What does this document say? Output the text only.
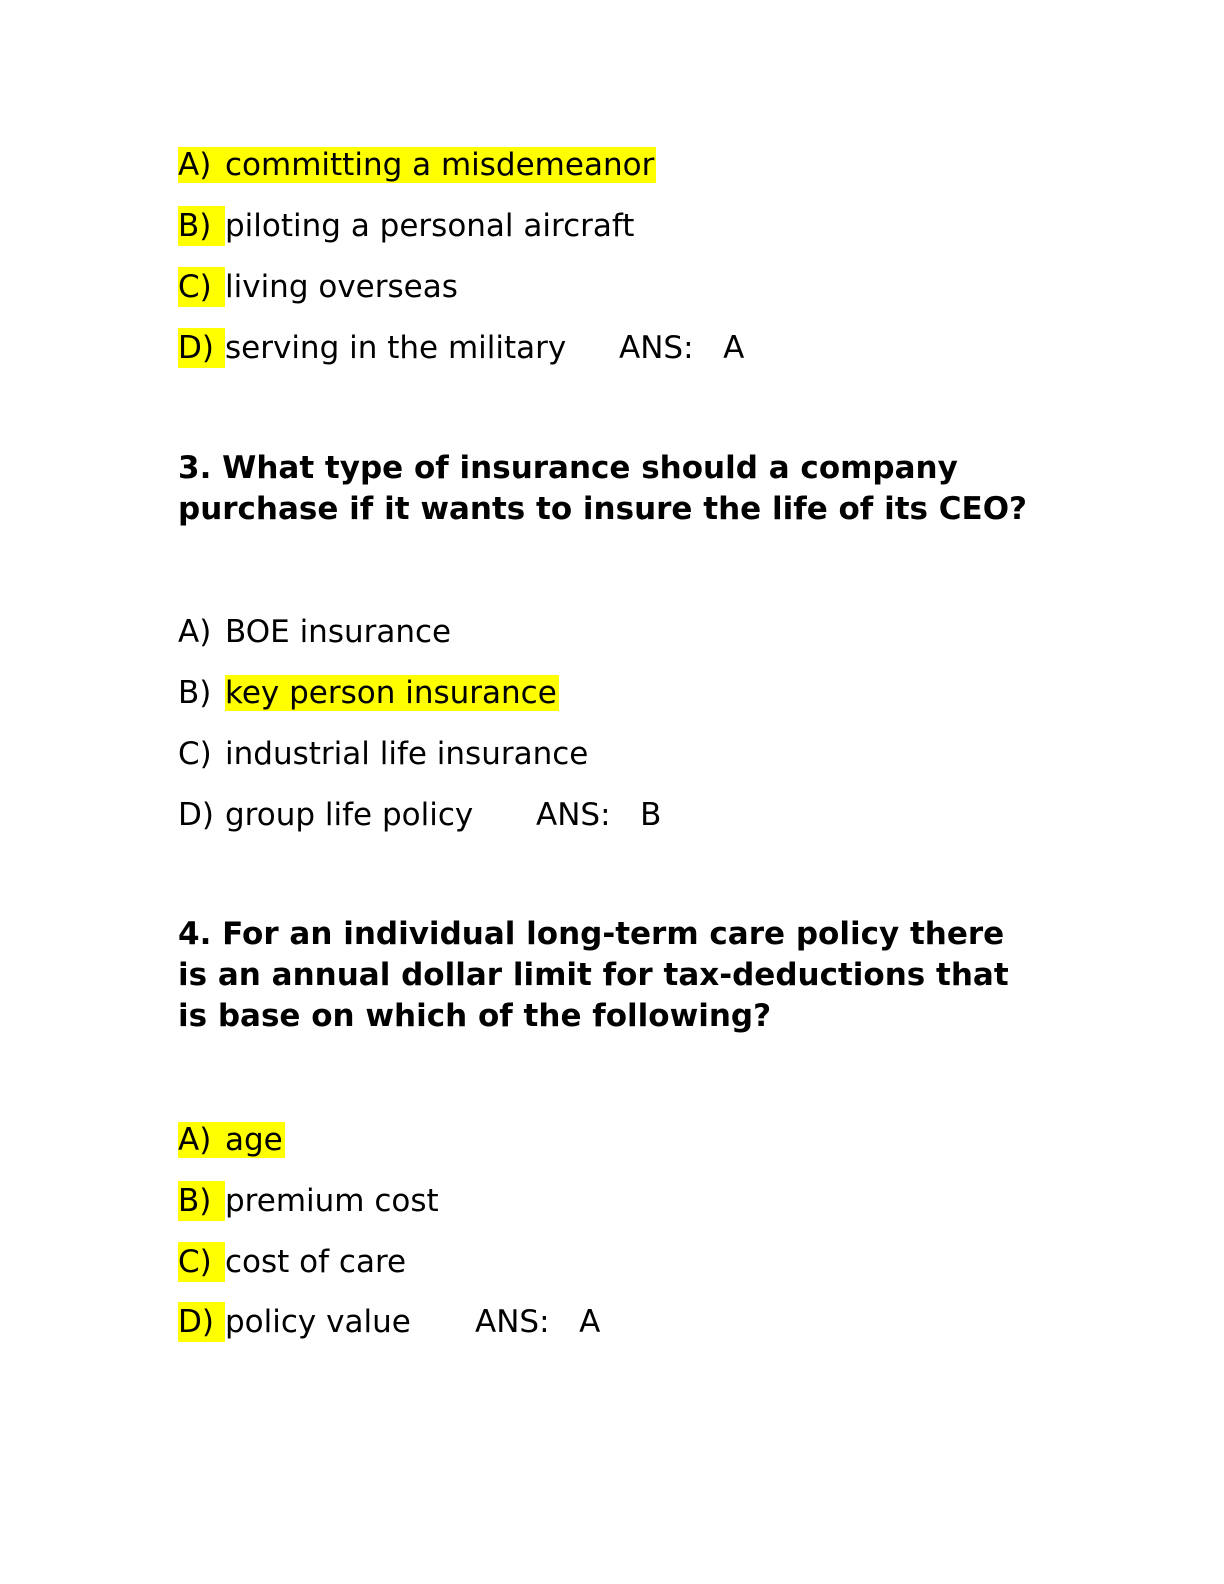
A) committing a misdemeanor
B) piloting a personal aircraft
C) living overseas
D) serving in the military ANS:   A
3. What type of insurance should a company purchase if it wants to insure the life of its CEO?
A) BOE insurance
B) key person insurance
C) industrial life insurance
D) group life policy ANS:   B
4. For an individual long-term care policy there is an annual dollar limit for tax-deductions that is base on which of the following?
A) age
B) premium cost
C) cost of care
D) policy value ANS:   A
